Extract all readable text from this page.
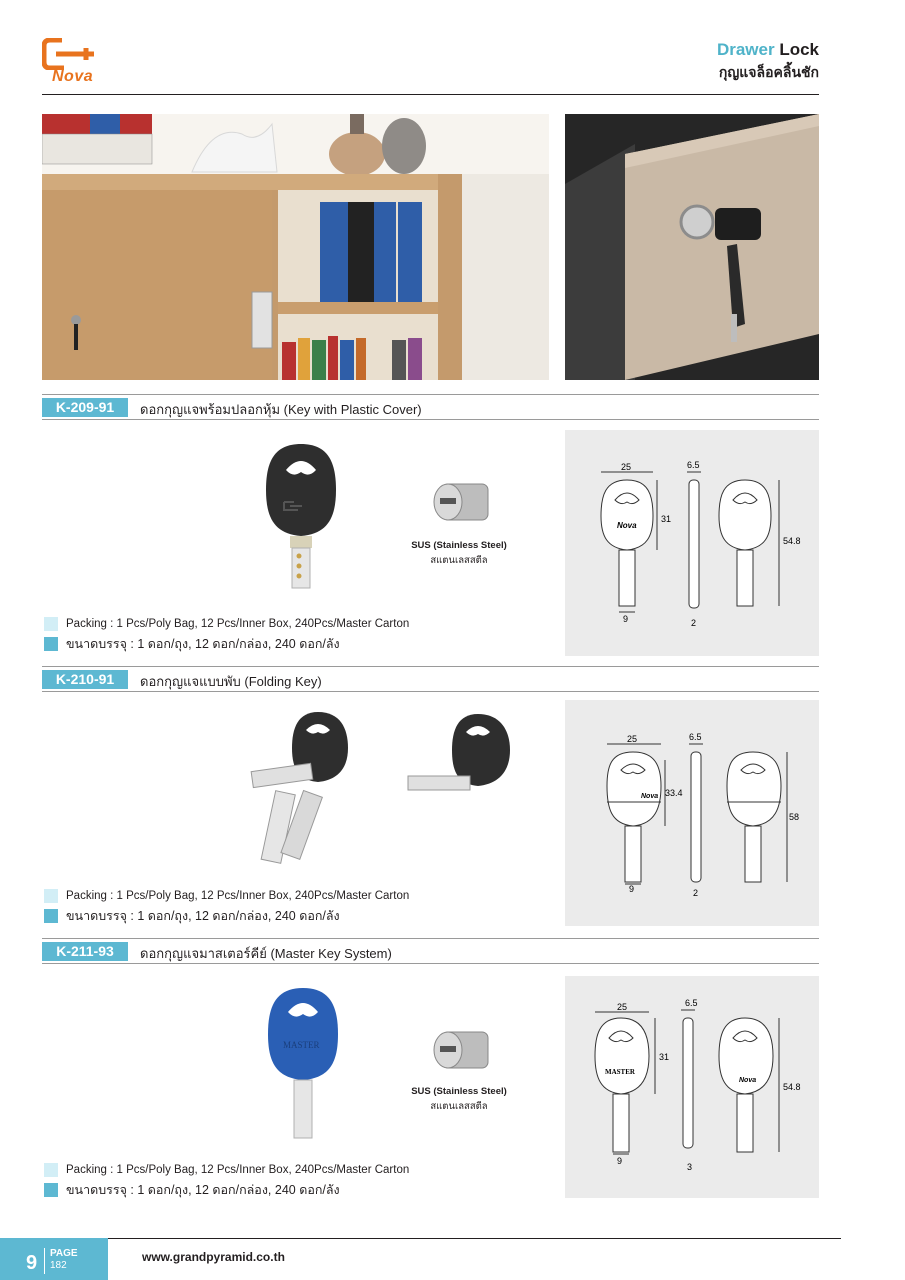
Nova
Drawer Lock
กุญแจล็อคลิ้นชัก
K-209-91	ดอกกุญแจพร้อมปลอกหุ้ม (Key with Plastic Cover)
SUS (Stainless Steel)
สแตนเลสสตีล
Nova
25
31
9
6.5
2
54.8
Packing : 1 Pcs/Poly Bag, 12 Pcs/Inner Box, 240Pcs/Master Carton
ขนาดบรรจุ : 1 ดอก/ถุง, 12 ดอก/กล่อง, 240 ดอก/ลัง
K-210-91	ดอกกุญแจแบบพับ (Folding Key)
Nova
25
33.4
9
6.5
2
58
Packing : 1 Pcs/Poly Bag, 12 Pcs/Inner Box, 240Pcs/Master Carton
ขนาดบรรจุ : 1 ดอก/ถุง, 12 ดอก/กล่อง, 240 ดอก/ลัง
K-211-93	ดอกกุญแจมาสเตอร์คีย์ (Master Key System)
MASTER
SUS (Stainless Steel)
สแตนเลสสตีล
MASTER
25
31
9
6.5
3
Nova
54.8
Packing : 1 Pcs/Poly Bag, 12 Pcs/Inner Box, 240Pcs/Master Carton
ขนาดบรรจุ : 1 ดอก/ถุง, 12 ดอก/กล่อง, 240 ดอก/ลัง
9 PAGE
182
www.grandpyramid.co.th
